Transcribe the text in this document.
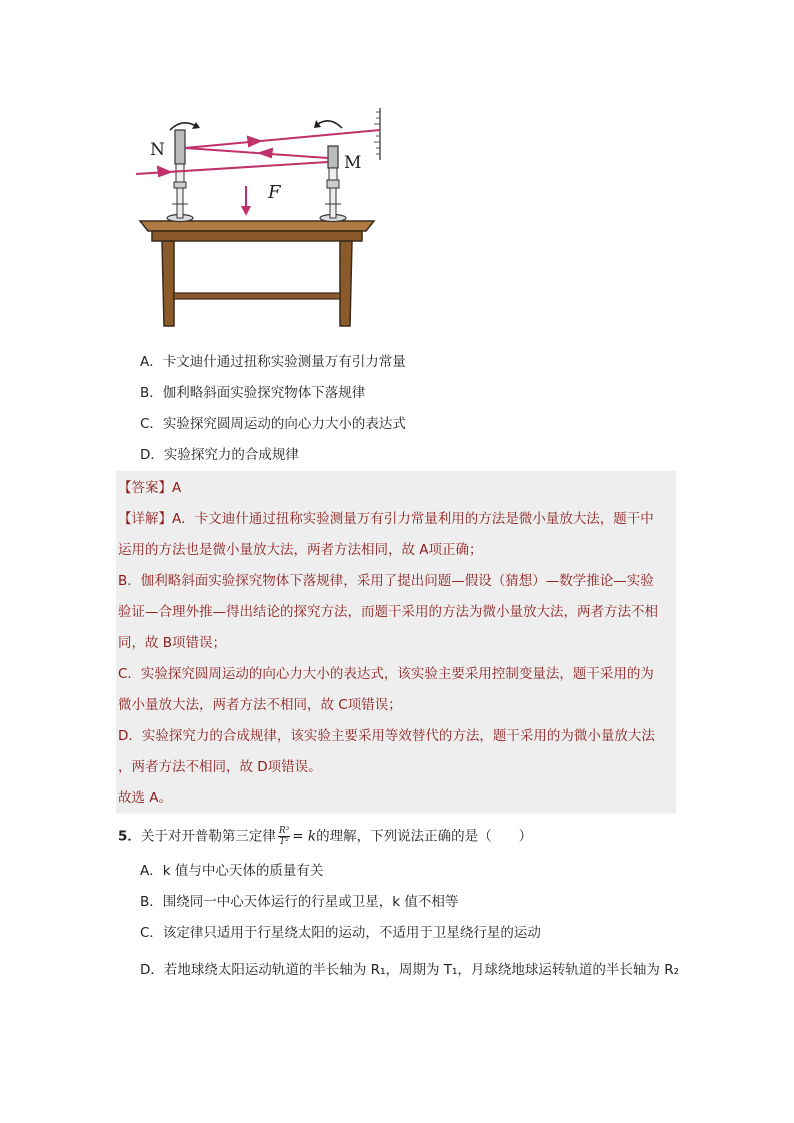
N
M
F
A．卡文迪什通过扭称实验测量万有引力常量
B．伽利略斜面实验探究物体下落规律
C．实验探究圆周运动的向心力大小的表达式
D．实验探究力的合成规律
【答案】A
【详解】A．卡文迪什通过扭称实验测量万有引力常量利用的方法是微小量放大法，题干中
运用的方法也是微小量放大法，两者方法相同，故 A项正确；
B．伽利略斜面实验探究物体下落规律，采用了提出问题—假设（猜想）—数学推论—实验
验证—合理外推—得出结论的探究方法，而题干采用的方法为微小量放大法，两者方法不相
同，故 B项错误；
C．实验探究圆周运动的向心力大小的表达式，该实验主要采用控制变量法，题干采用的为
微小量放大法，两者方法不相同，故 C项错误；
D．实验探究力的合成规律，该实验主要采用等效替代的方法，题干采用的为微小量放大法
，两者方法不相同，故 D项错误。
故选 A。
5．关于对开普勒第三定律 $\frac{\text{R³}}{\text{T²}} = k$的理解，下列说法正确的是（　　）
A．k 值与中心天体的质量有关
B．围绕同一中心天体运行的行星或卫星，k 值不相等
C．该定律只适用于行星绕太阳的运动，不适用于卫星绕行星的运动
D．若地球绕太阳运动轨道的半长轴为 R₁，周期为 T₁，月球绕地球运转轨道的半长轴为 R₂
